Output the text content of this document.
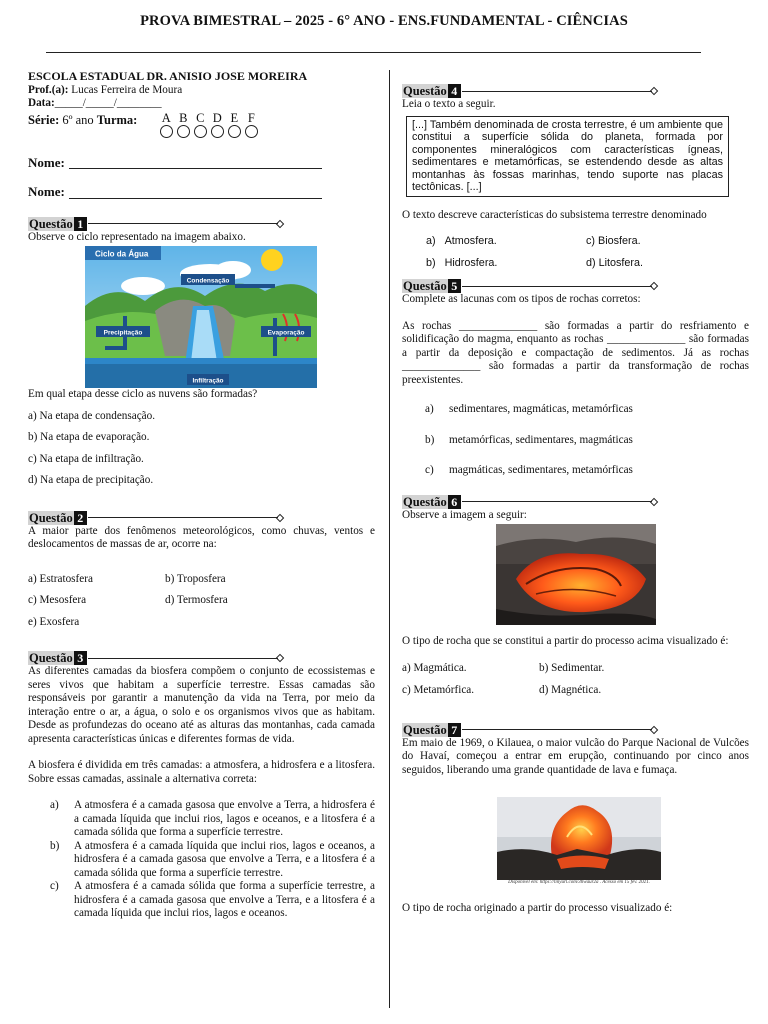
PROVA BIMESTRAL – 2025 - 6° ANO - ENS.FUNDAMENTAL - CIÊNCIAS
ESCOLA ESTADUAL DR. ANISIO JOSE MOREIRA
Prof.(a): Lucas Ferreira de Moura
Data:_____/_____/________
Série: 6º ano Turma: A B C D E F
Nome:
Nome:
Questão 1
Observe o ciclo representado na imagem abaixo.
Ciclo da Água
Condensação
Precipitação	Evaporação
Infiltração
Em qual etapa desse ciclo as nuvens são formadas?
a) Na etapa de condensação.
b) Na etapa de evaporação.
c) Na etapa de infiltração.
d) Na etapa de precipitação.
Questão 2
A maior parte dos fenômenos meteorológicos, como chuvas, ventos e deslocamentos de massas de ar, ocorre na:
a) Estratosfera	b) Troposfera
c) Mesosfera	d) Termosfera
e) Exosfera
Questão 3
As diferentes camadas da biosfera compõem o conjunto de ecossistemas e seres vivos que habitam a superfície terrestre. Essas camadas são responsáveis por garantir a manutenção da vida na Terra, por meio da interação entre o ar, a água, o solo e os organismos vivos que as habitam. Desde as profundezas do oceano até as alturas das montanhas, cada camada apresenta características únicas e diferentes formas de vida.
A biosfera é dividida em três camadas: a atmosfera, a hidrosfera e a litosfera. Sobre essas camadas, assinale a alternativa correta:
a)	A atmosfera é a camada gasosa que envolve a Terra, a hidrosfera é a camada líquida que inclui rios, lagos e oceanos, e a litosfera é a camada sólida que forma a superfície terrestre.
b)	A atmosfera é a camada líquida que inclui rios, lagos e oceanos, a hidrosfera é a camada gasosa que envolve a Terra, e a litosfera é a camada sólida que forma a superfície terrestre.
c)	A atmosfera é a camada sólida que forma a superfície terrestre, a hidrosfera é a camada gasosa que envolve a Terra, e a litosfera é a camada líquida que inclui rios, lagos e oceanos.
Questão 4
Leia o texto a seguir.
[...] Também denominada de crosta terrestre, é um ambiente que constitui a superfície sólida do planeta, formada por componentes mineralógicos com características ígneas, sedimentares e metamórficas, se estendendo desde as altas montanhas às fossas marinhas, tendo suporte nas placas tectônicas. [...]
O texto descreve características do subsistema terrestre denominado
a) Atmosfera.	c) Biosfera.
b) Hidrosfera.	d) Litosfera.
Questão 5
Complete as lacunas com os tipos de rochas corretos:
As rochas ______________ são formadas a partir do resfriamento e solidificação do magma, enquanto as rochas ______________ são formadas a partir da deposição e compactação de sedimentos. Já as rochas ______________ são formadas a partir da transformação de rochas preexistentes.
a)	sedimentares, magmáticas, metamórficas
b)	metamórficas, sedimentares, magmáticas
c)	magmáticas, sedimentares, metamórficas
Questão 6
Observe a imagem a seguir:
O tipo de rocha que se constitui a partir do processo acima visualizado é:
a) Magmática.	b) Sedimentar.
c) Metamórfica.	d) Magnética.
Questão 7
Em maio de 1969, o Kilauea, o maior vulcão do Parque Nacional de Vulcões do Havaí, começou a entrar em erupção, continuando por cinco anos seguidos, liberando uma grande quantidade de lava e fumaça.
Disponível em: https://tinyurl.com/3hwaur2a . Acesso em 15 fev. 2021.
O tipo de rocha originado a partir do processo visualizado é:
